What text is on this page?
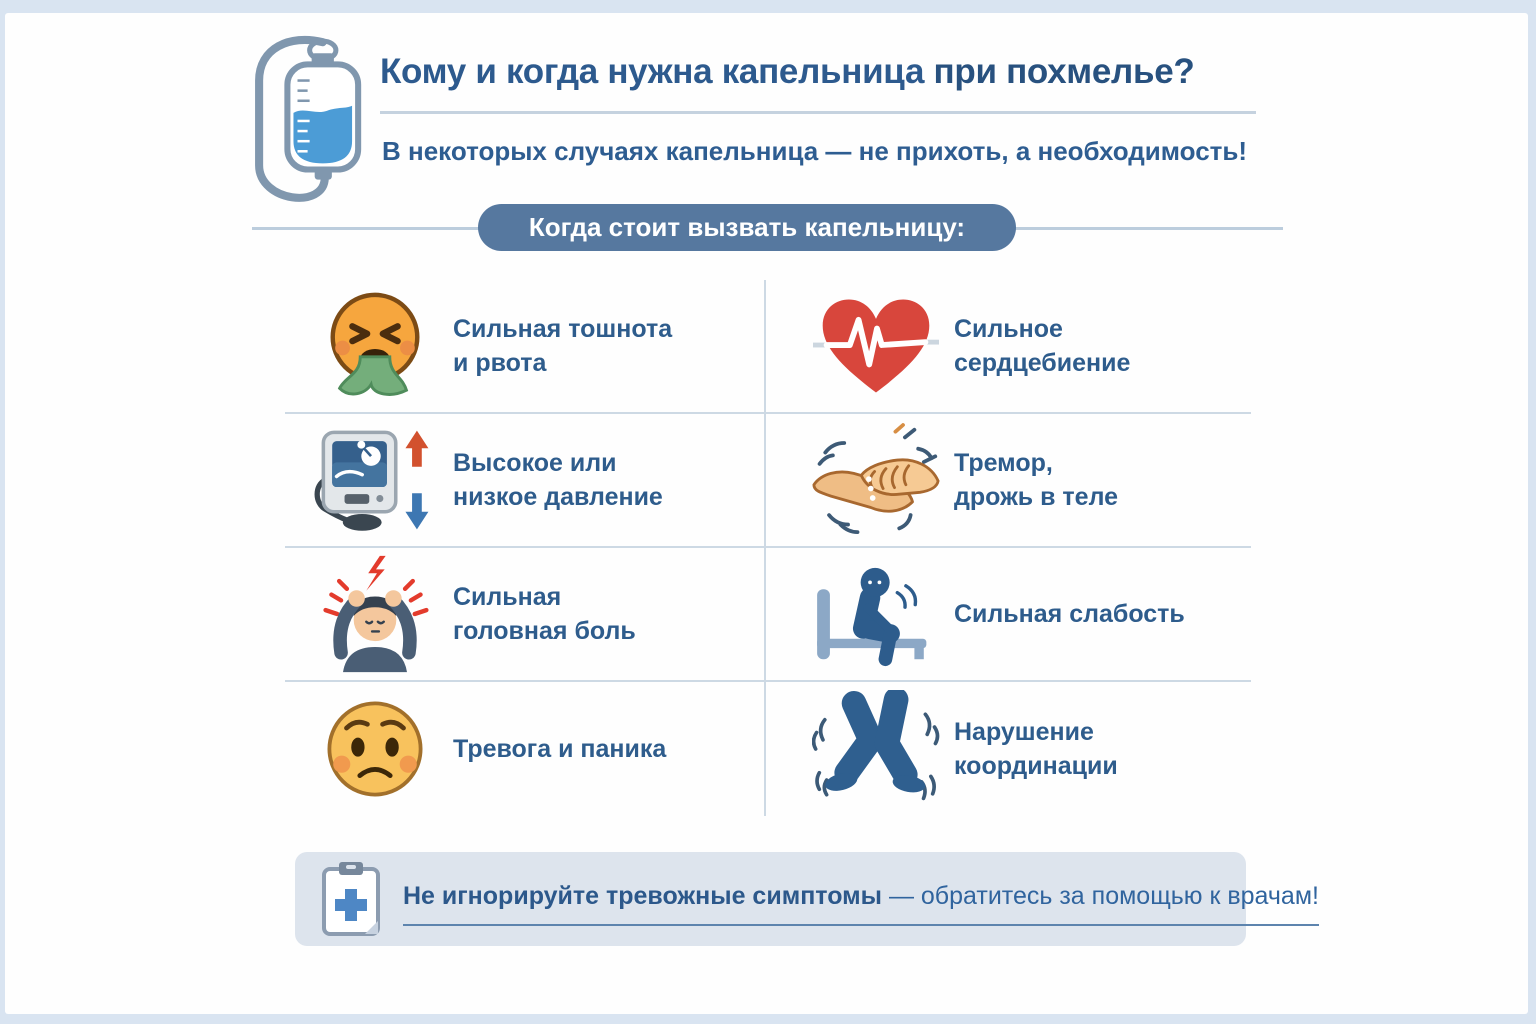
Кому и когда нужна капельница при похмелье?
В некоторых случаях капельница — не прихоть, а необходимость!
Когда стоит вызвать капельницу:
Сильная тошнота
и рвота
Сильное
сердцебиение
Высокое или
низкое давление
Тремор,
дрожь в теле
Сильная
головная боль
Сильная слабость
Тревога и паника
Нарушение
координации
Не игнорируйте тревожные симптомы — обратитесь за помощью к врачам!
